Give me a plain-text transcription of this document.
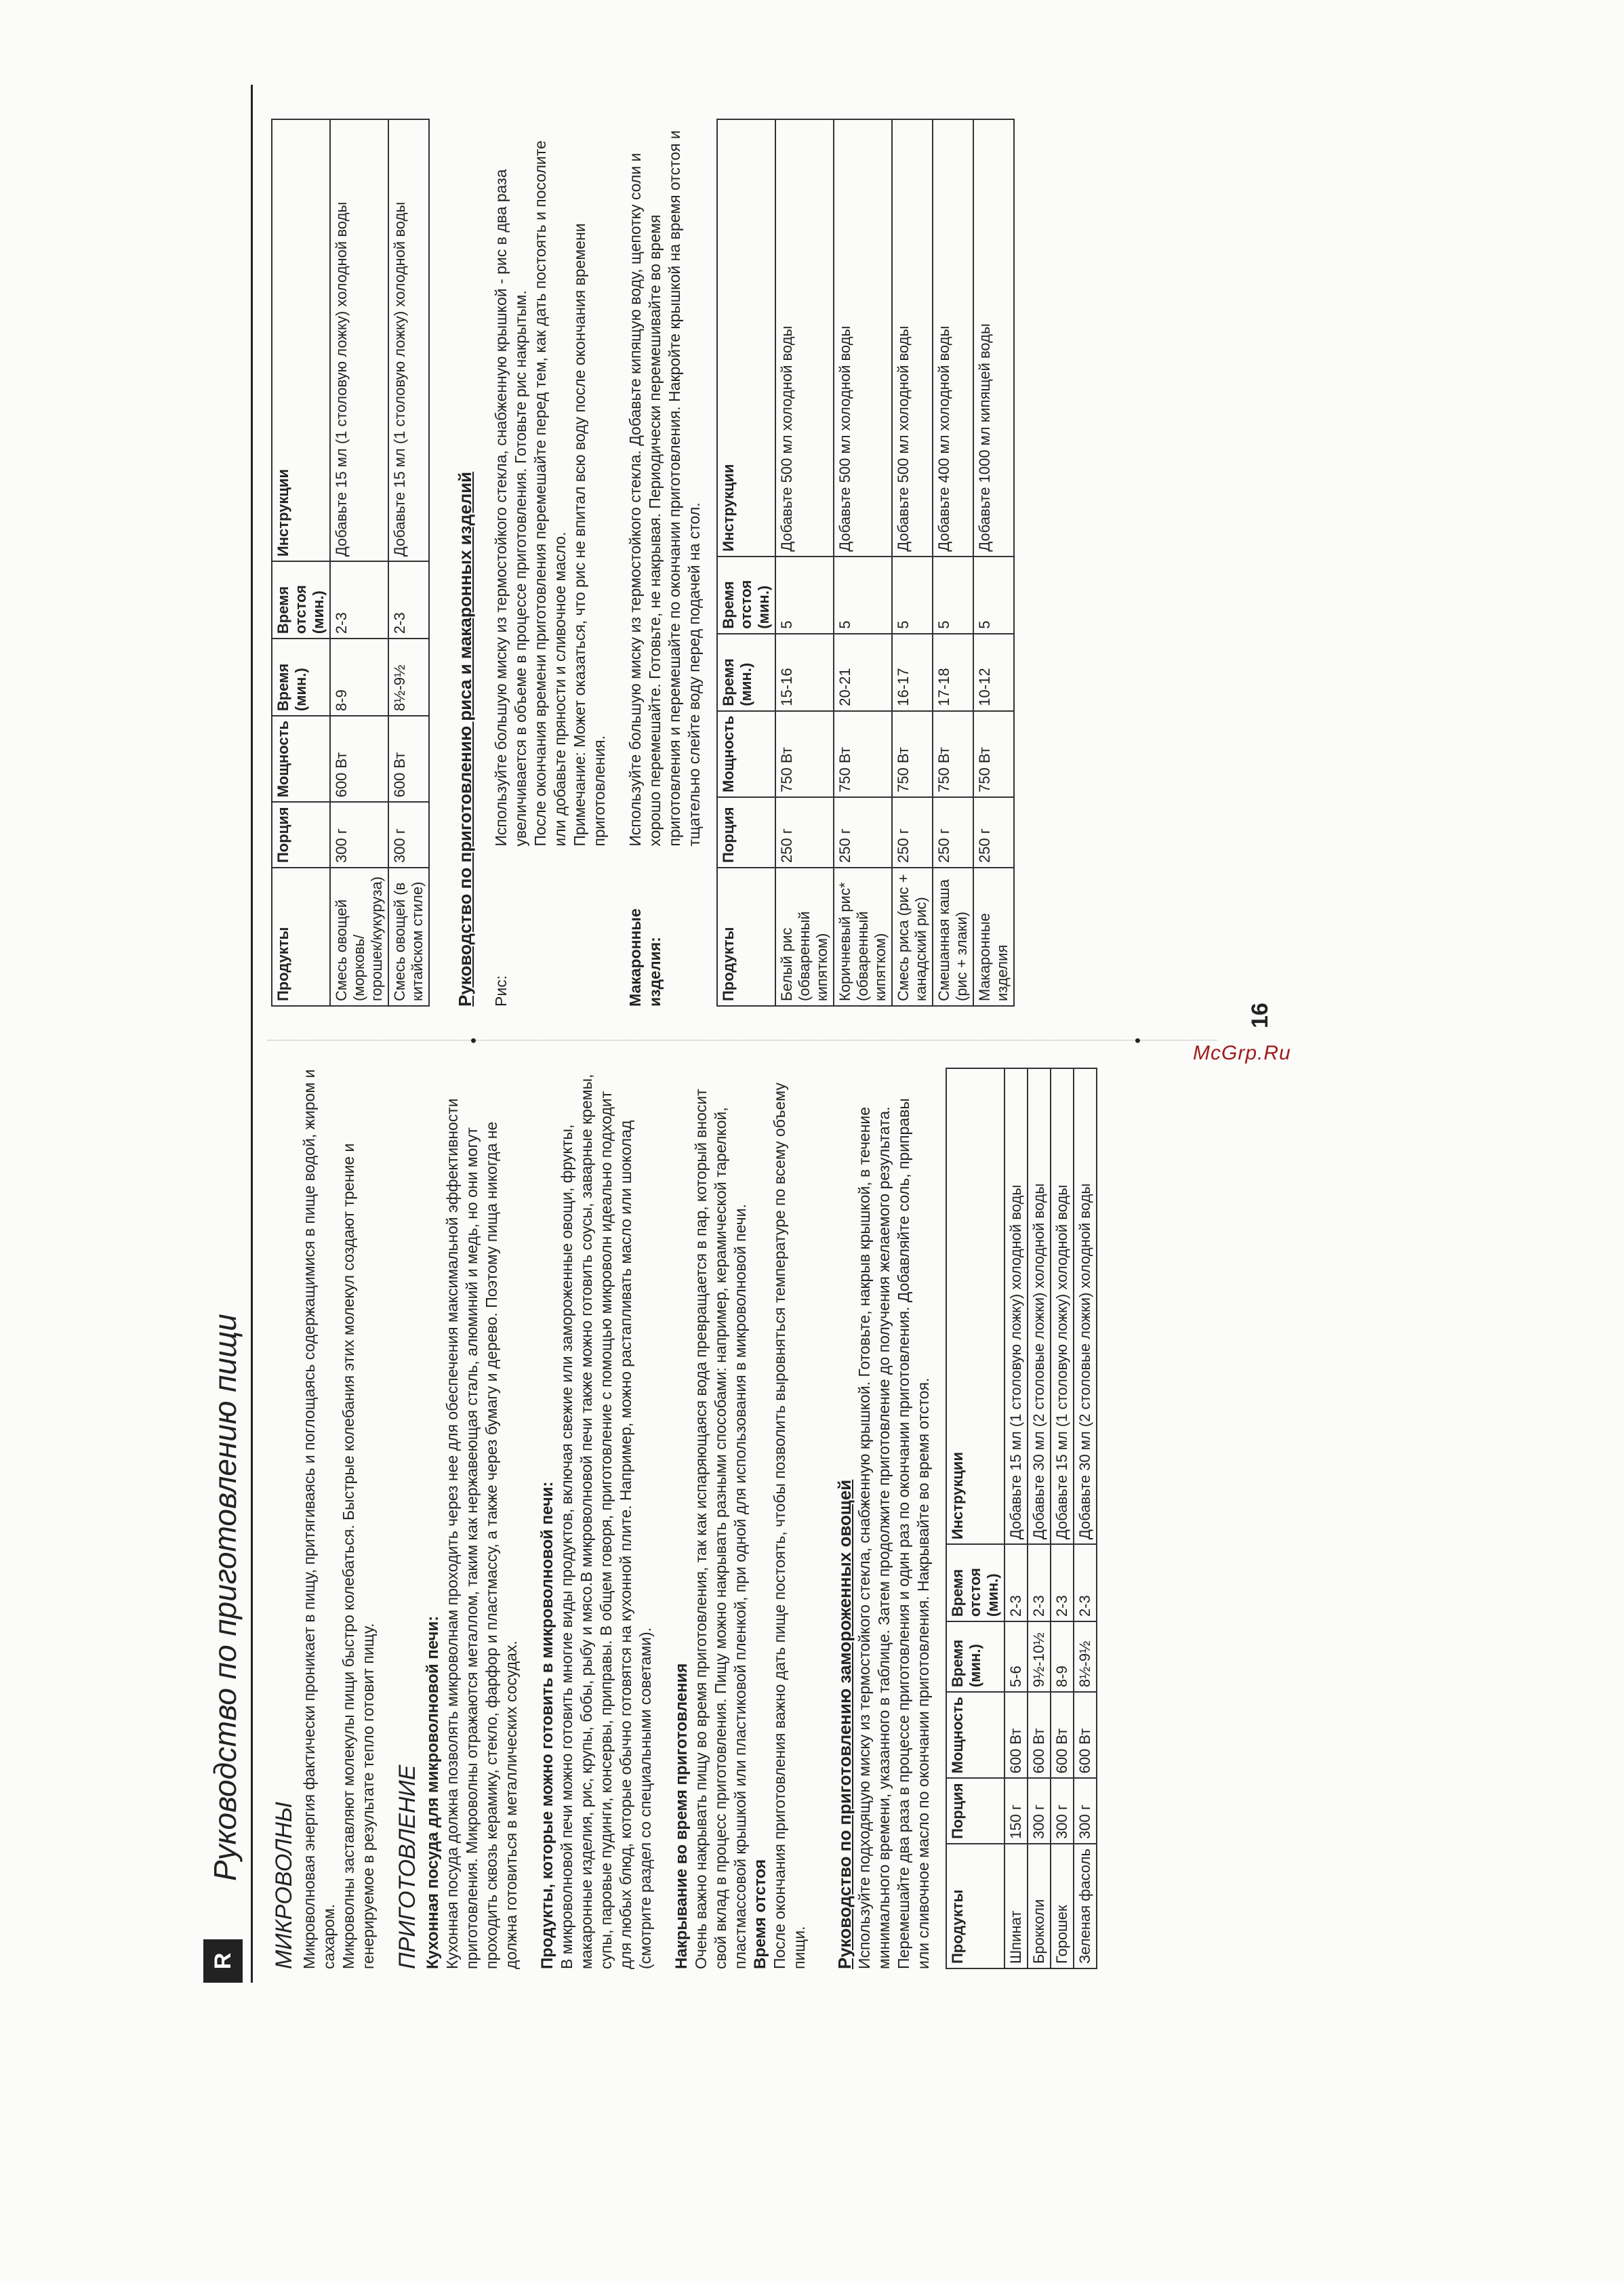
R
Руководство по приготовлению пищи
●	●
МИКРОВОЛНЫ Микроволновая энергия фактически проникает в пищу, притягиваясь и поглощаясь содержащимися в пище водой, жиром и сахаром. Микроволны заставляют молекулы пищи быстро колебаться. Быстрые колебания этих молекул создают трение и генерируемое в результате тепло готовит пищу. ПРИГОТОВЛЕНИЕ Кухонная посуда для микроволновой печи: Кухонная посуда должна позволять микроволнам проходить через нее для обеспечения максимальной эффективности приготовления. Микроволны отражаются металлом, таким как нержавеющая сталь, алюминий и медь, но они могут проходить сквозь керамику, стекло, фарфор и пластмассу, а также через бумагу и дерево. Поэтому пища никогда не должна готовиться в металлических сосудах. Продукты, которые можно готовить в микроволновой печи: В микроволновой печи можно готовить многие виды продуктов, включая свежие или замороженные овощи, фрукты, макаронные изделия, рис, крупы, бобы, рыбу и мясо.В микроволновой печи также можно готовить соусы, заварные кремы, супы, паровые пудинги, консервы, приправы. В общем говоря, приготовление с помощью микроволн идеально подходит для любых блюд, которые обычно готовятся на кухонной плите. Например, можно растапливать масло или шоколад (смотрите раздел со специальными советами). Накрывание во время приготовления Очень важно накрывать пищу во время приготовления, так как испаряющаяся вода превращается в пар, который вносит свой вклад в процесс приготовления. Пищу можно накрывать разными способами: например, керамической тарелкой, пластмассовой крышкой или пластиковой пленкой, при одной для использования в микроволновой печи. Время отстоя После окончания приготовления важно дать пище постоять, чтобы позволить выровняться температуре по всему объему пищи. Руководство по приготовлению замороженных овощей Используйте подходящую миску из термостойкого стекла, снабженную крышкой. Готовьте, накрыв крышкой, в течение минимального времени, указанного в таблице. Затем продолжите приготовление до получения желаемого результата. Перемешайте два раза в процессе приготовления и один раз по окончании приготовления. Добавляйте соль, приправы или сливочное масло по окончании приготовления. Накрывайте во время отстоя. Продукты	Порция	Мощность	Время (мин.)	Время отстоя (мин.)	Инструкции
Шпинат	150 г	600 Вт	5-6	2-3	Добавьте 15 мл (1 столовую ложку) холодной воды
Брокколи	300 г	600 Вт	9½-10½	2-3	Добавьте 30 мл (2 столовые ложки) холодной воды
Горошек	300 г	600 Вт	8-9	2-3	Добавьте 15 мл (1 столовую ложку) холодной воды
Зеленая фасоль	300 г	600 Вт	8½-9½	2-3	Добавьте 30 мл (2 столовые ложки) холодной воды
Продукты	Порция	Мощность	Время (мин.)	Время отстоя (мин.)	Инструкции
Смесь овощей (морковь/ горошек/кукуруза)	300 г	600 Вт	8-9	2-3	Добавьте 15 мл (1 столовую ложку) холодной воды
Смесь овощей (в китайском стиле)	300 г	600 Вт	8½-9½	2-3	Добавьте 15 мл (1 столовую ложку) холодной воды
Руководство по приготовлению риса и макаронных изделий Рис:

Используйте большую миску из термостойкого стекла, снабженную крышкой - рис в два раза увеличивается в объеме в процессе приготовления. Готовьте рис накрытым. После окончания времени приготовления перемешайте перед тем, как дать постоять и посолите или добавьте пряности и сливочное масло. Примечание: Может оказаться, что рис не впитал всю воду после окончания времени приготовления.

Макаронные изделия: Используйте большую миску из термостойкого стекла. Добавьте кипящую воду, щепотку соли и хорошо перемешайте. Готовьте, не накрывая. Периодически перемешивайте во время приготовления и перемешайте по окончании приготовления. Накройте крышкой на время отстоя и тщательно слейте воду перед подачей на стол.
Продукты	Порция	Мощность	Время (мин.)	Время отстоя (мин.)	Инструкции
Белый рис (обваренный кипятком)	250 г	750 Вт	15-16	5	Добавьте 500 мл холодной воды
Коричневый рис* (обваренный кипятком)	250 г	750 Вт	20-21	5	Добавьте 500 мл холодной воды
Смесь риса (рис + канадский рис)	250 г	750 Вт	16-17	5	Добавьте 500 мл холодной воды
Смешанная каша (рис + злаки)	250 г	750 Вт	17-18	5	Добавьте 400 мл холодной воды
Макаронные изделия	250 г	750 Вт	10-12	5	Добавьте 1000 мл кипящей воды
16
McGrp.Ru
